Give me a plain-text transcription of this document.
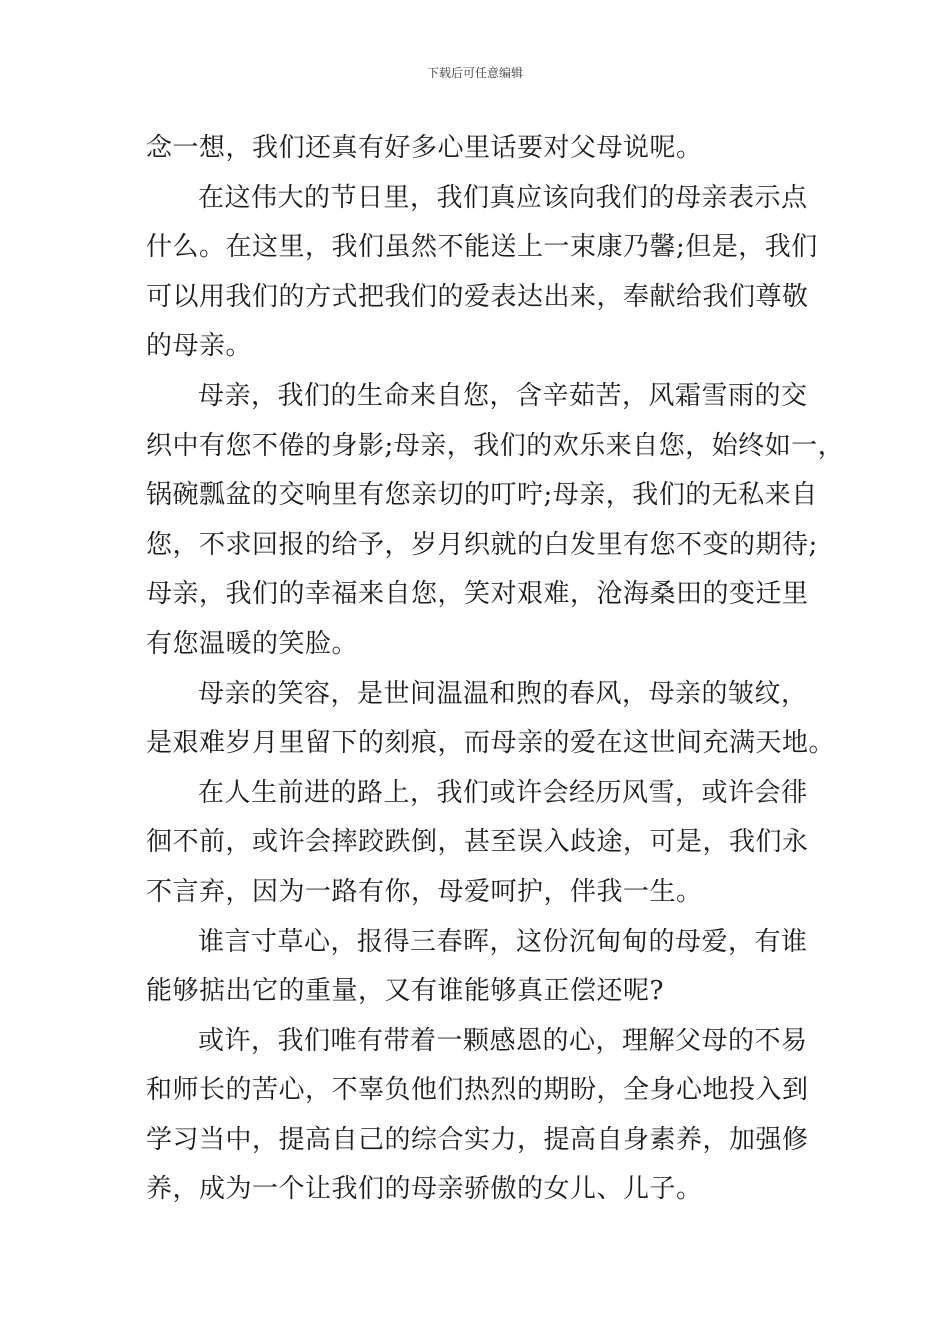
下载后可任意编辑
念一想，我们还真有好多心里话要对父母说呢。
在这伟大的节日里，我们真应该向我们的母亲表示点
什么。在这里，我们虽然不能送上一束康乃馨;但是，我们
可以用我们的方式把我们的爱表达出来，奉献给我们尊敬
的母亲。
母亲，我们的生命来自您，含辛茹苦，风霜雪雨的交
织中有您不倦的身影;母亲，我们的欢乐来自您，始终如一，
锅碗瓢盆的交响里有您亲切的叮咛;母亲，我们的无私来自
您，不求回报的给予，岁月织就的白发里有您不变的期待;
母亲，我们的幸福来自您，笑对艰难，沧海桑田的变迁里
有您温暖的笑脸。
母亲的笑容，是世间温温和煦的春风，母亲的皱纹，
是艰难岁月里留下的刻痕，而母亲的爱在这世间充满天地。
在人生前进的路上，我们或许会经历风雪，或许会徘
徊不前，或许会摔跤跌倒，甚至误入歧途，可是，我们永
不言弃，因为一路有你，母爱呵护，伴我一生。
谁言寸草心，报得三春晖，这份沉甸甸的母爱，有谁
能够掂出它的重量，又有谁能够真正偿还呢?
或许，我们唯有带着一颗感恩的心，理解父母的不易
和师长的苦心，不辜负他们热烈的期盼，全身心地投入到
学习当中，提高自己的综合实力，提高自身素养，加强修
养，成为一个让我们的母亲骄傲的女儿、儿子。
